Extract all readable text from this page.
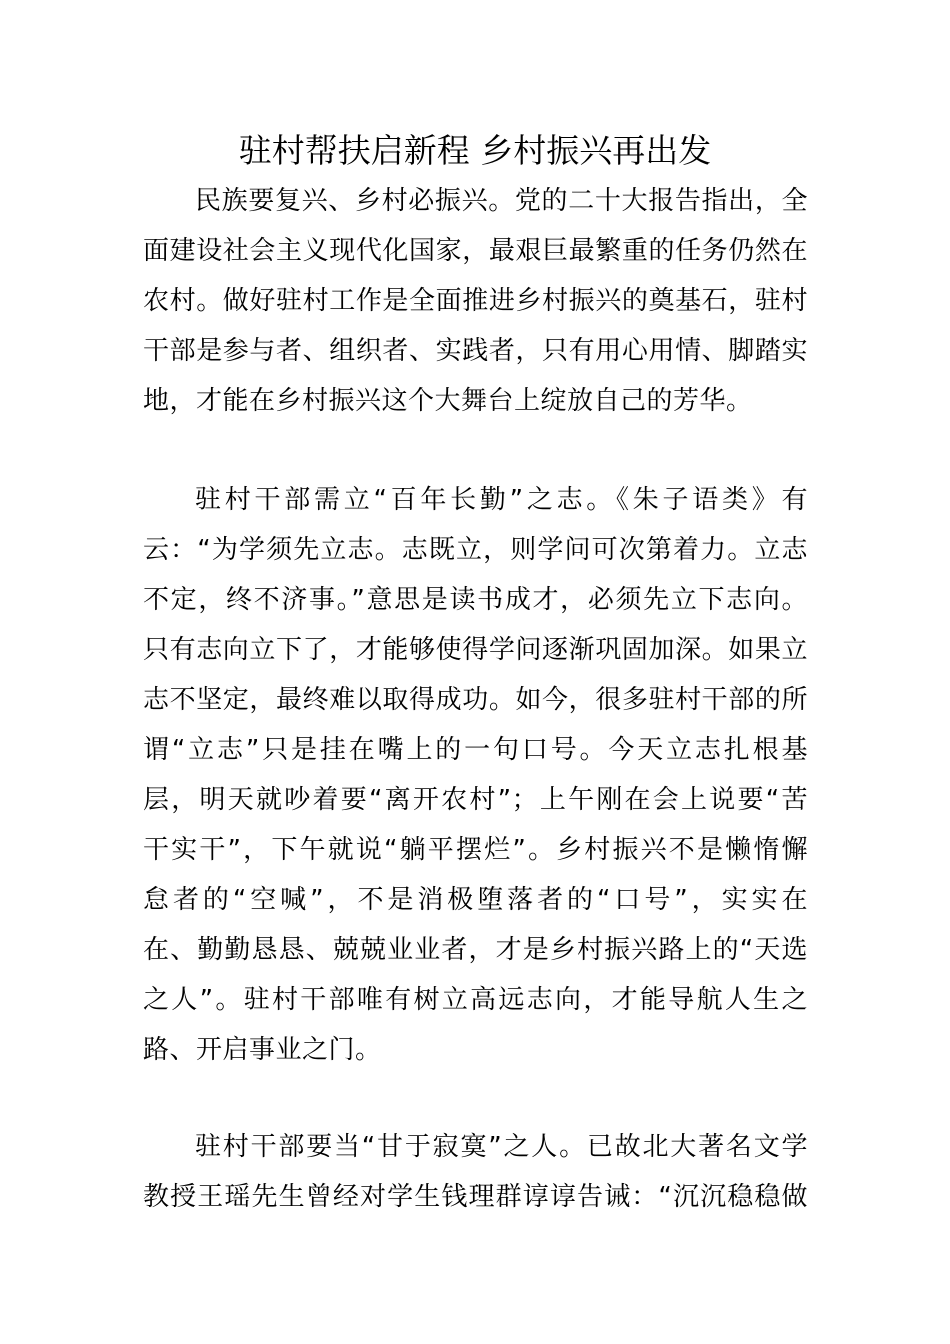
驻村帮扶启新程 乡村振兴再出发
民族要复兴、乡村必振兴。党的二十大报告指出，全
面建设社会主义现代化国家，最艰巨最繁重的任务仍然在
农村。做好驻村工作是全面推进乡村振兴的奠基石，驻村
干部是参与者、组织者、实践者，只有用心用情、脚踏实
地，才能在乡村振兴这个大舞台上绽放自己的芳华。
驻村干部需立“百年长勤”之志。《朱子语类》有
云：“为学须先立志。志既立，则学问可次第着力。立志
不定，终不济事。”意思是读书成才，必须先立下志向。
只有志向立下了，才能够使得学问逐渐巩固加深。如果立
志不坚定，最终难以取得成功。如今，很多驻村干部的所
谓“立志”只是挂在嘴上的一句口号。今天立志扎根基
层，明天就吵着要“离开农村”；上午刚在会上说要“苦
干实干”，下午就说“躺平摆烂”。乡村振兴不是懒惰懈
怠者的“空喊”，不是消极堕落者的“口号”，实实在
在、勤勤恳恳、兢兢业业者，才是乡村振兴路上的“天选
之人”。驻村干部唯有树立高远志向，才能导航人生之
路、开启事业之门。
驻村干部要当“甘于寂寞”之人。已故北大著名文学
教授王瑶先生曾经对学生钱理群谆谆告诫：“沉沉稳稳做
